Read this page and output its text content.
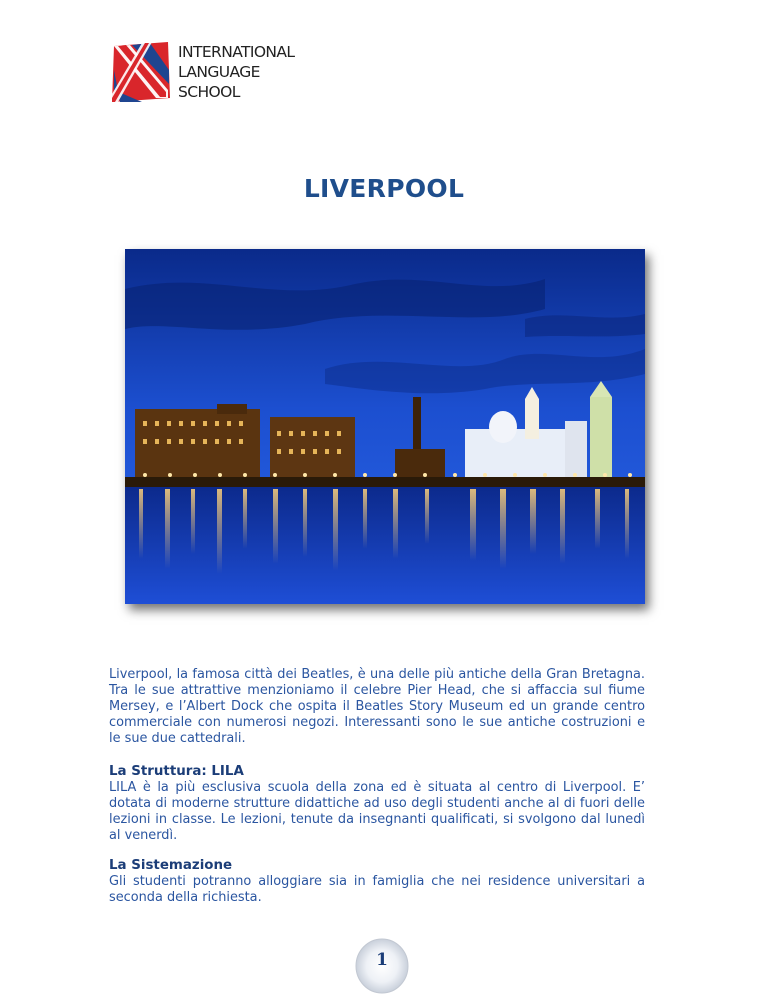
INTERNATIONAL
LANGUAGE
SCHOOL
LIVERPOOL

Liverpool, la famosa città dei Beatles, è una delle più antiche della Gran Bretagna. Tra le sue attrattive menzioniamo il celebre Pier Head, che si affaccia sul fiume Mersey, e l’Albert Dock che ospita il Beatles Story Museum ed un grande centro commerciale con numerosi negozi. Interessanti sono le sue antiche costruzioni e le sue due cattedrali.

La Struttura: LILA

LILA è la più esclusiva scuola della zona ed è situata al centro di Liverpool. E’ dotata di moderne strutture didattiche ad uso degli studenti anche al di fuori delle lezioni in classe. Le lezioni, tenute da insegnanti qualificati, si svolgono dal lunedì al venerdì.

La Sistemazione

Gli studenti potranno alloggiare sia in famiglia che nei residence universitari a seconda della richiesta.

1
